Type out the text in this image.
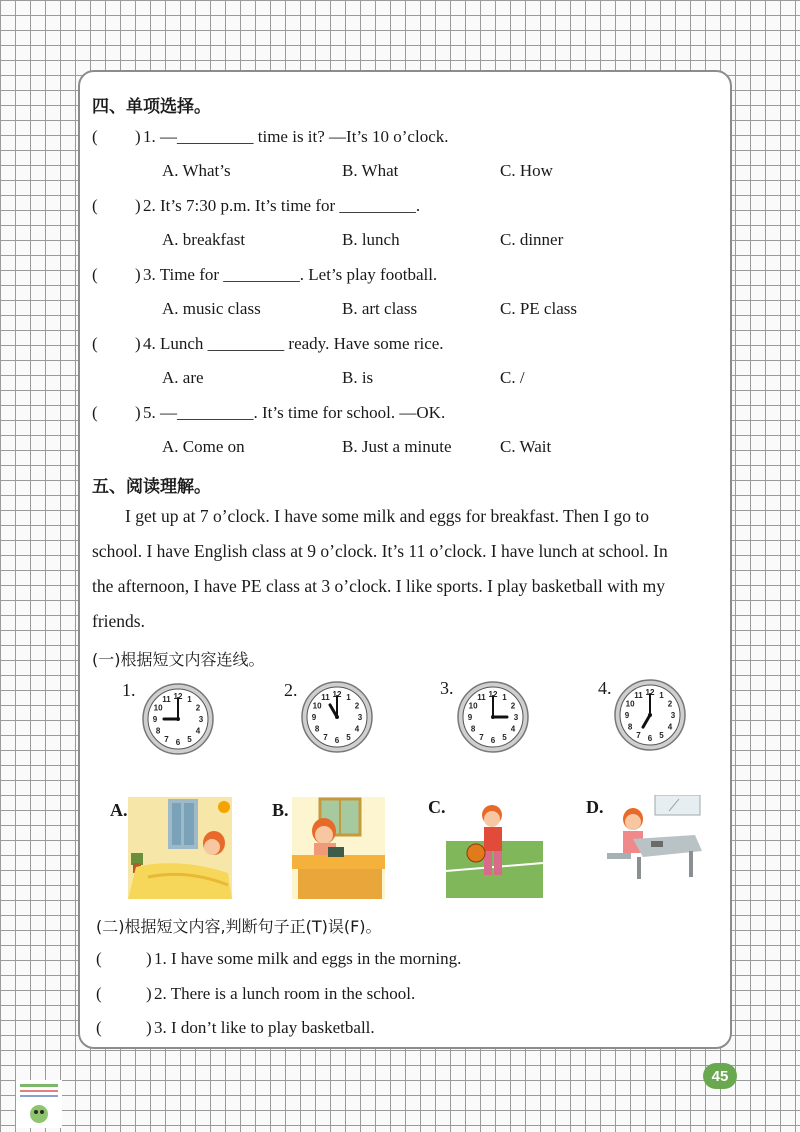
四、单项选择。
( ) 1. —_________ time is it? —It’s 10 o’clock.
A. What’s	B. What	C. How
( ) 2. It’s 7:30 p.m. It’s time for _________.
A. breakfast	B. lunch	C. dinner
( ) 3. Time for _________. Let’s play football.
A. music class	B. art class	C. PE class
( ) 4. Lunch _________ ready. Have some rice.
A. are	B. is	C. /
( ) 5. —_________. It’s time for school. —OK.
A. Come on	B. Just a minute	C. Wait
五、阅读理解。
I get up at 7 o’clock. I have some milk and eggs for breakfast. Then I go to
school. I have English class at 9 o’clock. It’s 11 o’clock. I have lunch at school. In
the afternoon, I have PE class at 3 o’clock. I like sports. I play basketball with my
friends.
(一)根据短文内容连线。
1.	1
2
3
4
5
6
7
8
9
10
11 12	2.	1
2
3
4
5
6
7
8
9
10
11 12	3.	1
2
3
4
5
6
7
8
9
10
11 12	4.	1
2
3
4
5
6
7
8
9
10
11 12
A.	B.	C.	D.
(二)根据短文内容,判断句子正(T)误(F)。
(	) 1. I have some milk and eggs in the morning.
(	) 2. There is a lunch room in the school.
(	) 3. I don’t like to play basketball.
45
